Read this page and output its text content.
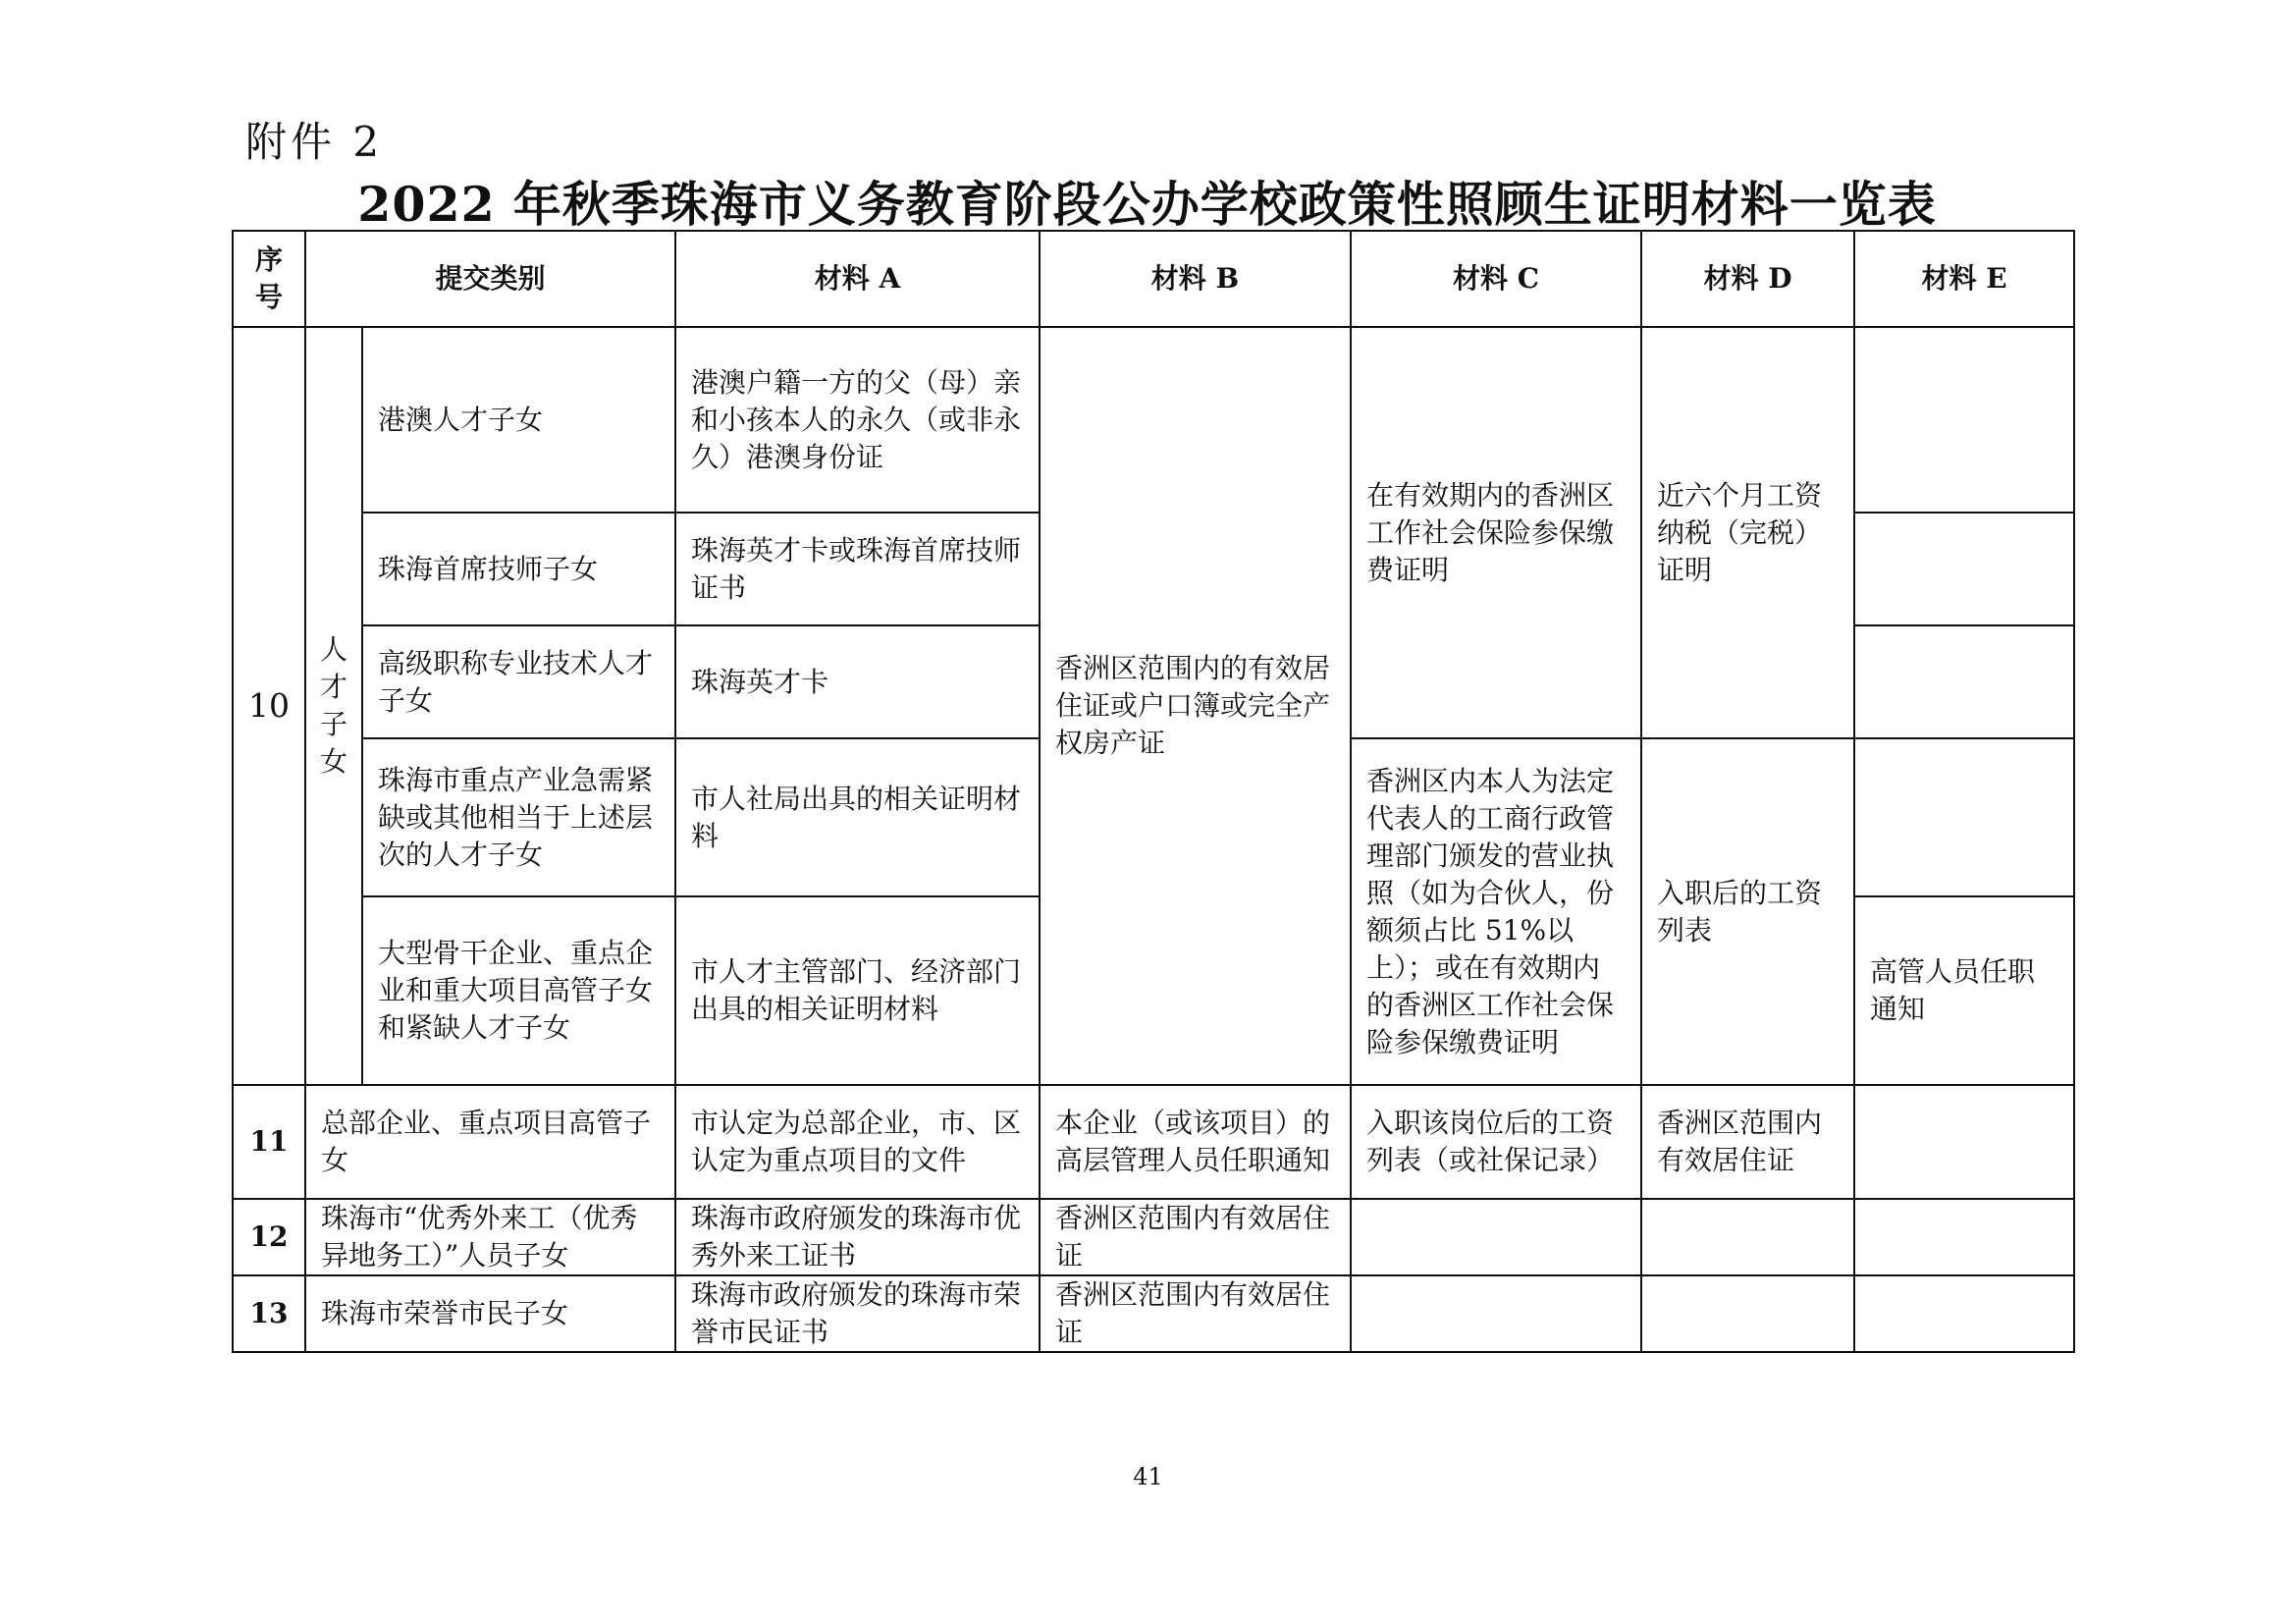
附件 2
2022 年秋季珠海市义务教育阶段公办学校政策性照顾生证明材料一览表
序号	提交类别		材料 A	材料 B	材料 C	材料 D	材料 E
10	人才子女	港澳人才子女	港澳户籍一方的父（母）亲和小孩本人的永久（或非永久）港澳身份证	香洲区范围内的有效居住证或户口簿或完全产权房产证	在有效期内的香洲区工作社会保险参保缴费证明	近六个月工资纳税（完税）证明	
		珠海首席技师子女	珠海英才卡或珠海首席技师证书				
		高级职称专业技术人才子女	珠海英才卡				
		珠海市重点产业急需紧缺或其他相当于上述层次的人才子女	市人社局出具的相关证明材料		香洲区内本人为法定代表人的工商行政管理部门颁发的营业执照（如为合伙人，份额须占比 51%以上）；或在有效期内的香洲区工作社会保险参保缴费证明	入职后的工资列表	
		大型骨干企业、重点企业和重大项目高管子女和紧缺人才子女	市人才主管部门、经济部门出具的相关证明材料				高管人员任职通知
11	总部企业、重点项目高管子女		市认定为总部企业，市、区认定为重点项目的文件	本企业（或该项目）的高层管理人员任职通知	入职该岗位后的工资列表（或社保记录）	香洲区范围内有效居住证	
12	珠海市“优秀外来工（优秀异地务工）”人员子女		珠海市政府颁发的珠海市优秀外来工证书	香洲区范围内有效居住证			
13	珠海市荣誉市民子女		珠海市政府颁发的珠海市荣誉市民证书	香洲区范围内有效居住证			
41
